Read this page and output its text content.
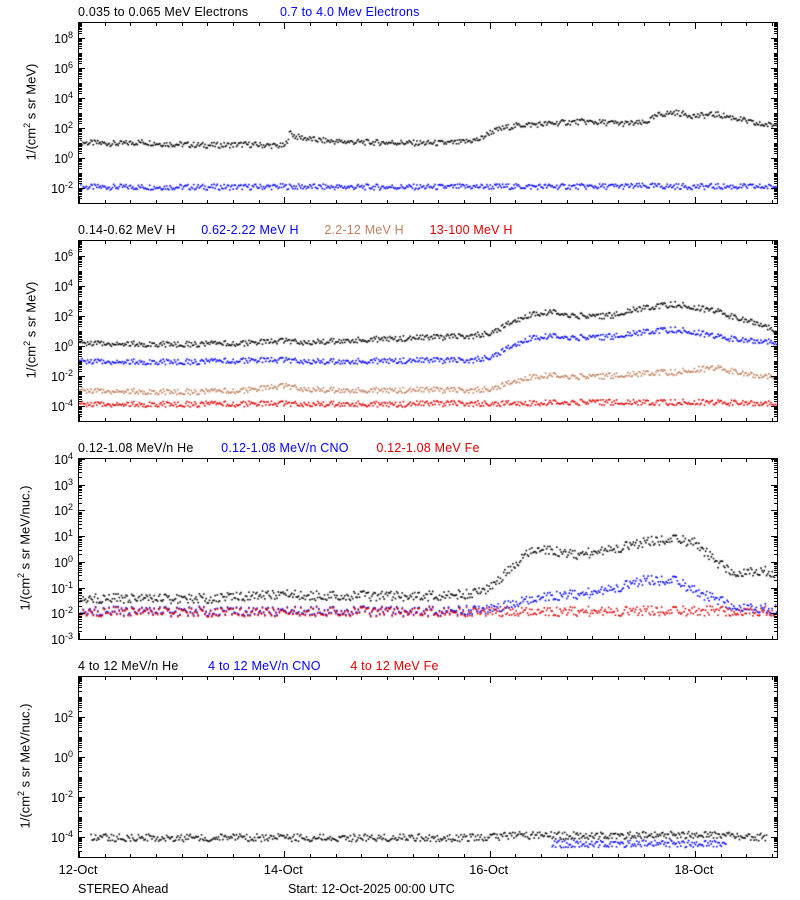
0.035 to 0.065 MeV Electrons	0.7 to 4.0 Mev Electrons
$1/(cm^2$ s sr MeV)
$10^{-2}$
$10^0$
$10^2$
$10^4$
$10^6$
$10^8$
0.14-0.62 MeV H 0.62-2.22 MeV H 2.2-12 MeV H 13-100 MeV H
$1/(cm^2$ s sr MeV)
$10^{-4}$
$10^{-2}$
$10^0$
$10^2$
$10^4$
$10^6$
0.12-1.08 MeV/n He 0.12-1.08 MeV/n CNO 0.12-1.08 MeV Fe
$1/(cm^2$ s sr MeV/nuc.)
$10^{-3}$
$10^{-2}$
$10^{-1}$
$10^0$
$10^1$
$10^2$
$10^3$
$10^4$
4 to 12 MeV/n He 4 to 12 MeV/n CNO 4 to 12 MeV Fe
$1/(cm^2$ s sr MeV/nuc.)
$10^{-4}$
$10^{-2}$
$10^0$
$10^2$
12-Oct	14-Oct	16-Oct	18-Oct
STEREO Ahead	Start: 12-Oct-2025 00:00 UTC
